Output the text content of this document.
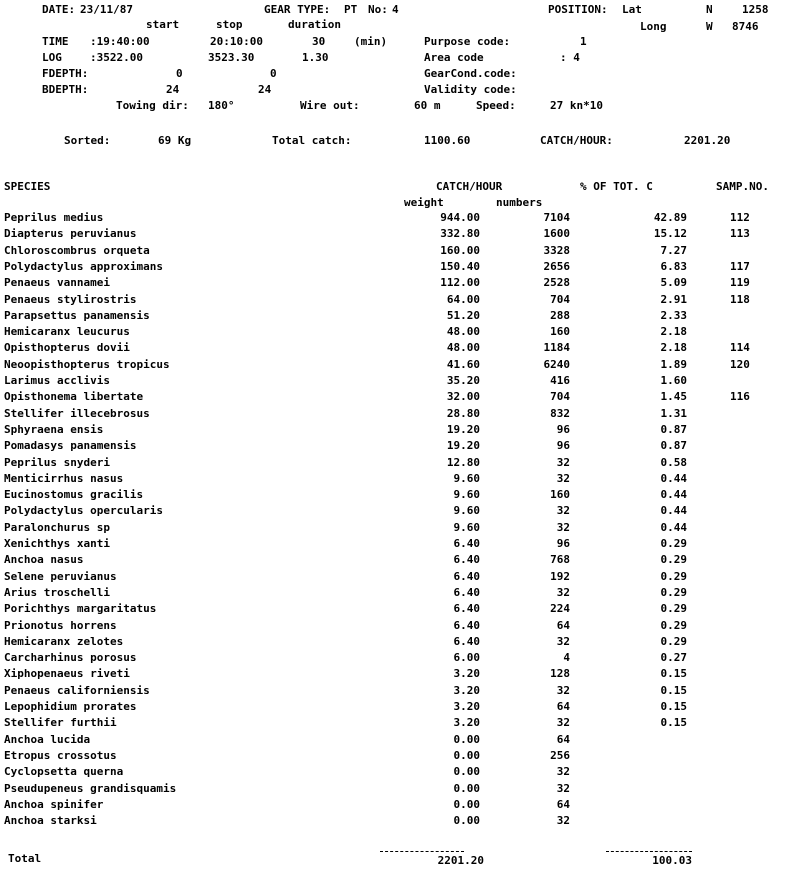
DATE: 23/11/87	GEAR TYPE: PT No: 4	POSITION: Lat	N	1258
start	stop	duration	Long	W 8746
TIME :19:40:00	20:10:00	30	(min)	Purpose code:	1
LOG	:3522.00	3523.30	1.30	Area code	: 4
FDEPTH:	0	0	GearCond.code:
BDEPTH:	24	24	Validity code:
Towing dir: 180°	Wire out:	60 m	Speed:	27 kn*10
Sorted:	69 Kg	Total catch:	1100.60	CATCH/HOUR:	2201.20
SPECIES	CATCH/HOUR	% OF TOT. C	SAMP.NO.
weight	numbers
Peprilus medius	944.00	7104	42.89	112
Diapterus peruvianus	332.80	1600	15.12	113
Chloroscombrus orqueta	160.00	3328	7.27
Polydactylus approximans	150.40	2656	6.83	117
Penaeus vannamei	112.00	2528	5.09	119
Penaeus stylirostris	64.00	704	2.91	118
Parapsettus panamensis	51.20	288	2.33
Hemicaranx leucurus	48.00	160	2.18
Opisthopterus dovii	48.00	1184	2.18	114
Neoopisthopterus tropicus	41.60	6240	1.89	120
Larimus acclivis	35.20	416	1.60
Opisthonema libertate	32.00	704	1.45	116
Stellifer illecebrosus	28.80	832	1.31
Sphyraena ensis	19.20	96	0.87
Pomadasys panamensis	19.20	96	0.87
Peprilus snyderi	12.80	32	0.58
Menticirrhus nasus	9.60	32	0.44
Eucinostomus gracilis	9.60	160	0.44
Polydactylus opercularis	9.60	32	0.44
Paralonchurus sp	9.60	32	0.44
Xenichthys xanti	6.40	96	0.29
Anchoa nasus	6.40	768	0.29
Selene peruvianus	6.40	192	0.29
Arius troschelli	6.40	32	0.29
Porichthys margaritatus	6.40	224	0.29
Prionotus horrens	6.40	64	0.29
Hemicaranx zelotes	6.40	32	0.29
Carcharhinus porosus	6.00	4	0.27
Xiphopenaeus riveti	3.20	128	0.15
Penaeus californiensis	3.20	32	0.15
Lepophidium prorates	3.20	64	0.15
Stellifer furthii	3.20	32	0.15
Anchoa lucida	0.00	64
Etropus crossotus	0.00	256
Cyclopsetta querna	0.00	32
Pseudupeneus grandisquamis	0.00	32
Anchoa spinifer	0.00	64
Anchoa starksi	0.00	32
Total	2201.20	100.03
